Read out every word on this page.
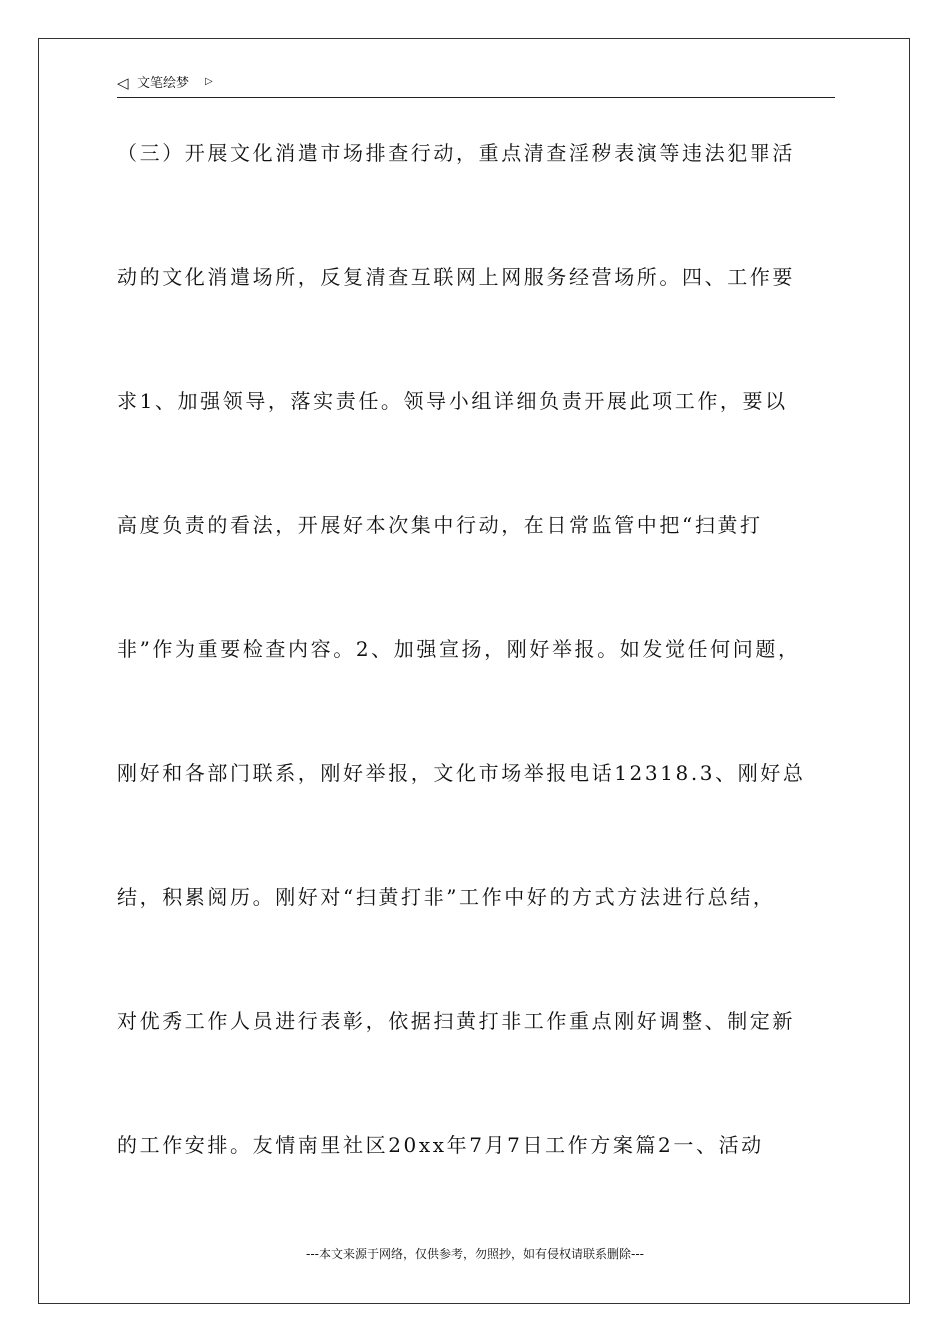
◁ 文笔绘梦 ▷
（三）开展文化消遣市场排查行动，重点清查淫秽表演等违法犯罪活
动的文化消遣场所，反复清查互联网上网服务经营场所。四、工作要
求1、加强领导，落实责任。领导小组详细负责开展此项工作，要以
高度负责的看法，开展好本次集中行动，在日常监管中把“扫黄打
非”作为重要检查内容。2、加强宣扬，刚好举报。如发觉任何问题，
刚好和各部门联系，刚好举报，文化市场举报电话12318.3、刚好总
结，积累阅历。刚好对“扫黄打非”工作中好的方式方法进行总结，
对优秀工作人员进行表彰，依据扫黄打非工作重点刚好调整、制定新
的工作安排。友情南里社区20xx年7月7日工作方案篇2一、活动
---本文来源于网络，仅供参考，勿照抄，如有侵权请联系删除---
